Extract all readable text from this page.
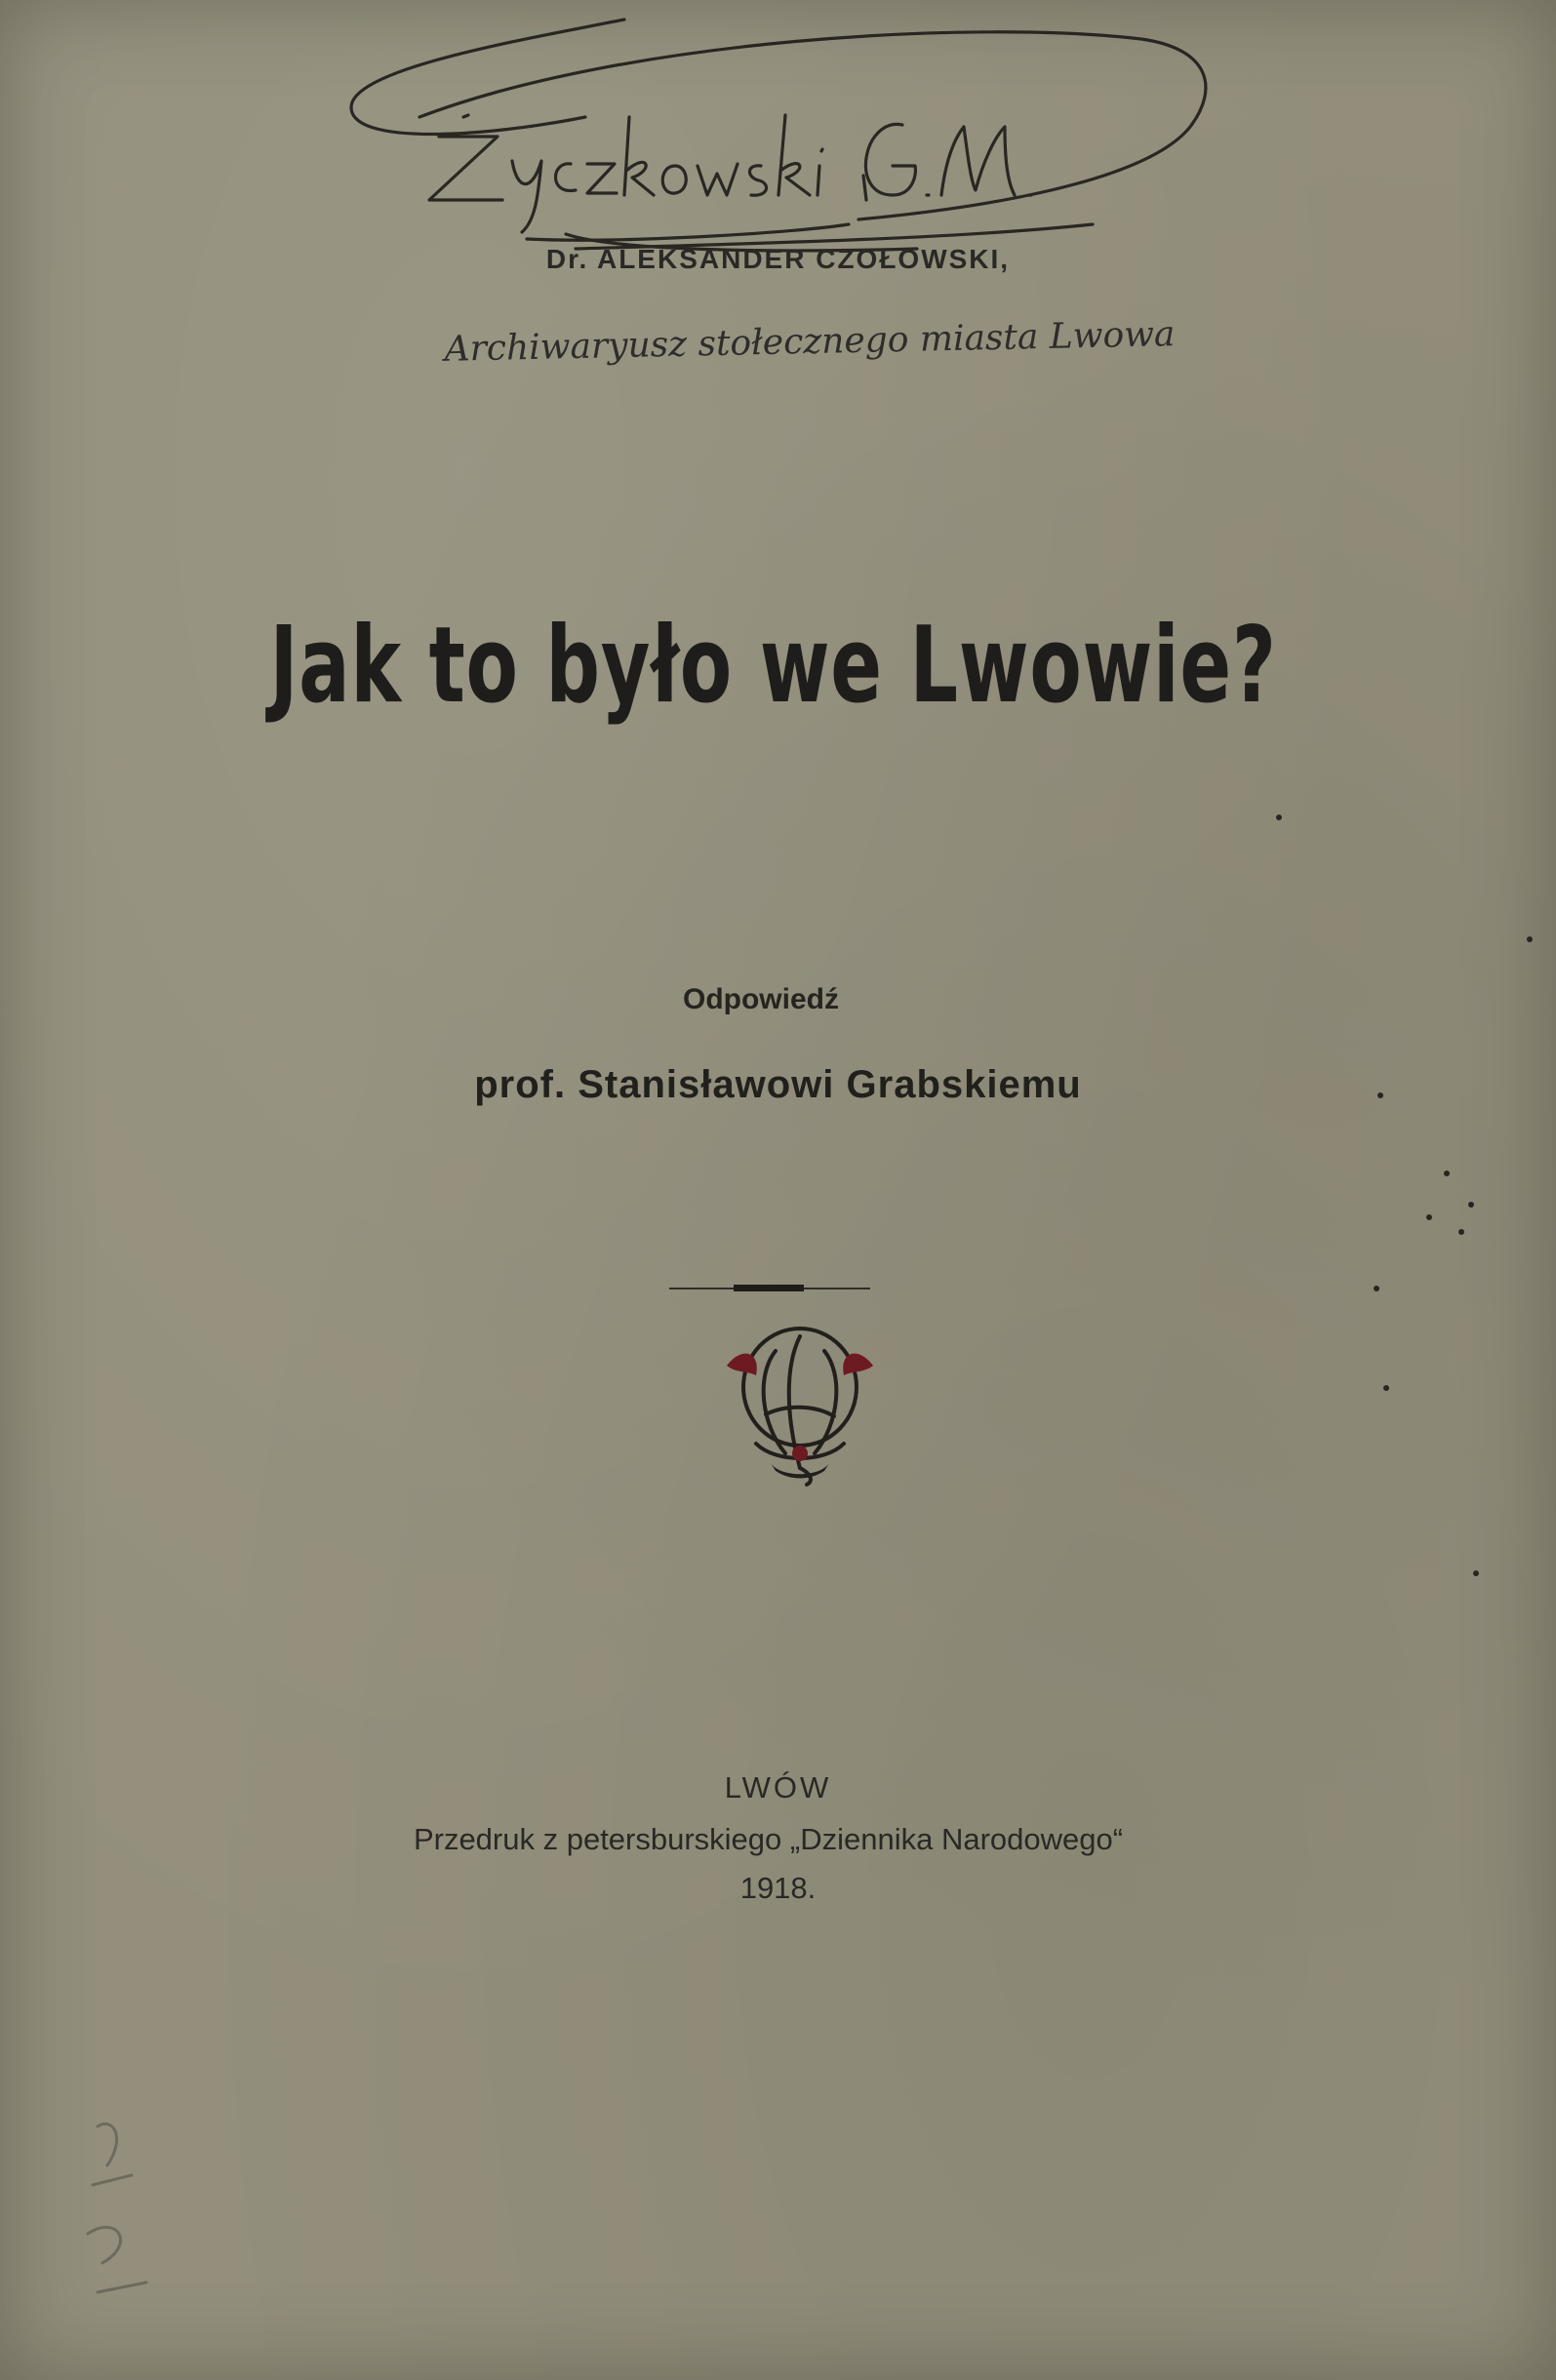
Dr. ALEKSANDER CZOŁOWSKI,
Archiwaryusz stołecznego miasta Lwowa
Jak to było we Lwowie?
Odpowiedź
prof. Stanisławowi Grabskiemu
LWÓW
Przedruk z petersburskiego „Dziennika Narodowego“
1918.
